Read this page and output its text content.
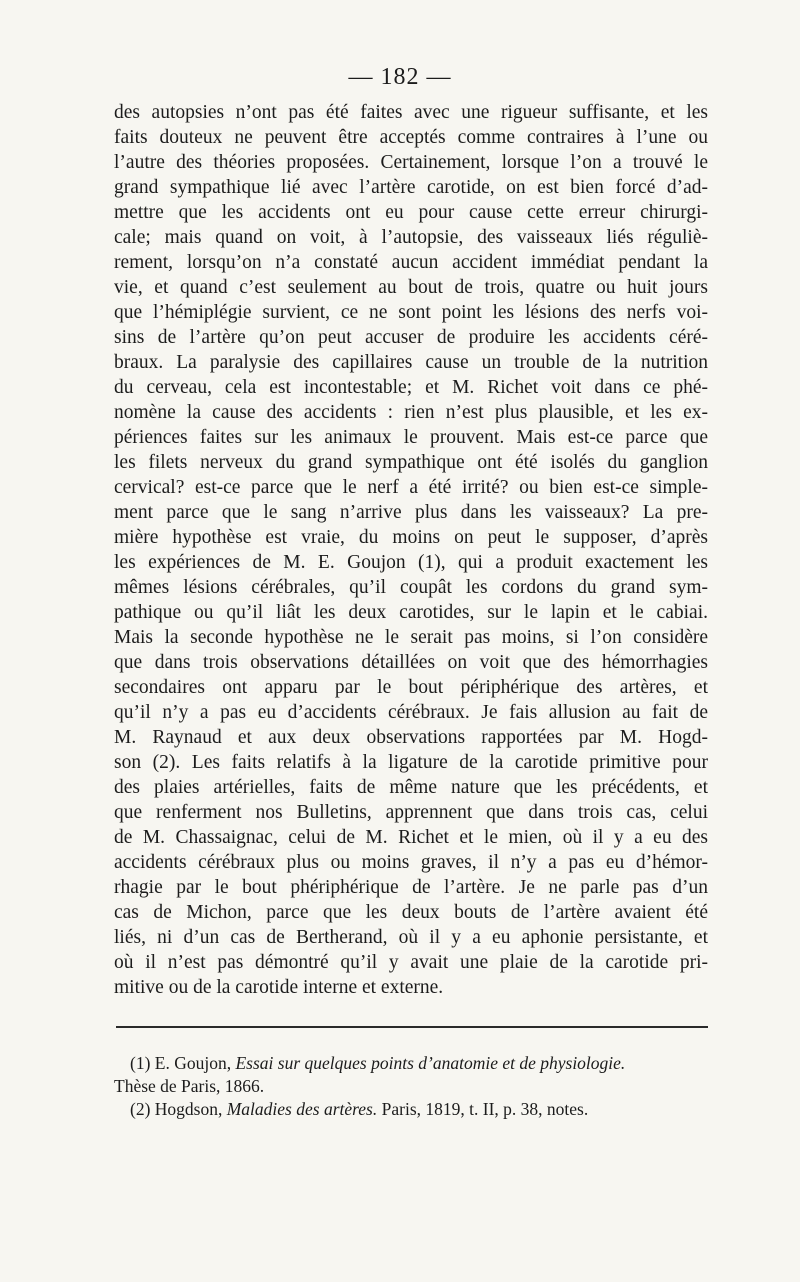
— 182 —
des autopsies n’ont pas été faites avec une rigueur suffisante, et les
faits douteux ne peuvent être acceptés comme contraires à l’une ou
l’autre des théories proposées. Certainement, lorsque l’on a trouvé le
grand sympathique lié avec l’artère carotide, on est bien forcé d’ad-
mettre que les accidents ont eu pour cause cette erreur chirurgi-
cale; mais quand on voit, à l’autopsie, des vaisseaux liés réguliè-
rement, lorsqu’on n’a constaté aucun accident immédiat pendant la
vie, et quand c’est seulement au bout de trois, quatre ou huit jours
que l’hémiplégie survient, ce ne sont point les lésions des nerfs voi-
sins de l’artère qu’on peut accuser de produire les accidents céré-
braux. La paralysie des capillaires cause un trouble de la nutrition
du cerveau, cela est incontestable; et M. Richet voit dans ce phé-
nomène la cause des accidents : rien n’est plus plausible, et les ex-
périences faites sur les animaux le prouvent. Mais est-ce parce que
les filets nerveux du grand sympathique ont été isolés du ganglion
cervical? est-ce parce que le nerf a été irrité? ou bien est-ce simple-
ment parce que le sang n’arrive plus dans les vaisseaux? La pre-
mière hypothèse est vraie, du moins on peut le supposer, d’après
les expériences de M. E. Goujon (1), qui a produit exactement les
mêmes lésions cérébrales, qu’il coupât les cordons du grand sym-
pathique ou qu’il liât les deux carotides, sur le lapin et le cabiai.
Mais la seconde hypothèse ne le serait pas moins, si l’on considère
que dans trois observations détaillées on voit que des hémorrhagies
secondaires ont apparu par le bout périphérique des artères, et
qu’il n’y a pas eu d’accidents cérébraux. Je fais allusion au fait de
M. Raynaud et aux deux observations rapportées par M. Hogd-
son (2). Les faits relatifs à la ligature de la carotide primitive pour
des plaies artérielles, faits de même nature que les précédents, et
que renferment nos Bulletins, apprennent que dans trois cas, celui
de M. Chassaignac, celui de M. Richet et le mien, où il y a eu des
accidents cérébraux plus ou moins graves, il n’y a pas eu d’hémor-
rhagie par le bout phériphérique de l’artère. Je ne parle pas d’un
cas de Michon, parce que les deux bouts de l’artère avaient été
liés, ni d’un cas de Bertherand, où il y a eu aphonie persistante, et
où il n’est pas démontré qu’il y avait une plaie de la carotide pri-
mitive ou de la carotide interne et externe.
(1) E. Goujon, Essai sur quelques points d’anatomie et de physiologie.
Thèse de Paris, 1866.
(2) Hogdson, Maladies des artères. Paris, 1819, t. II, p. 38, notes.
